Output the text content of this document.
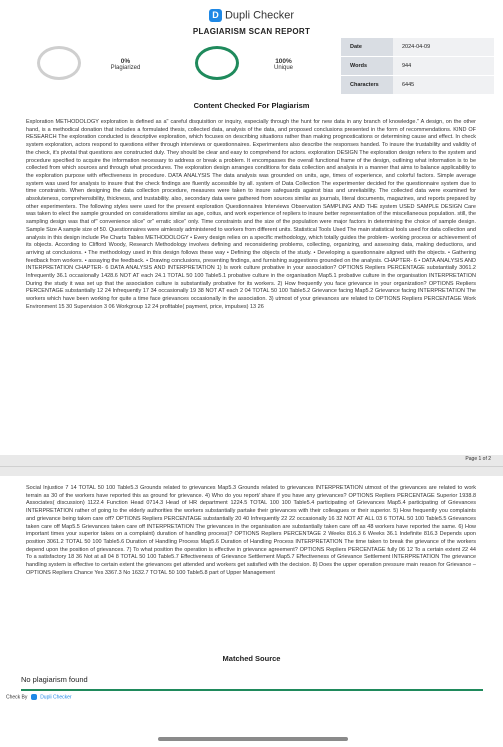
D Dupli Checker
PLAGIARISM SCAN REPORT
0%
Plagiarized
100%
Unique
Date	2024-04-09
Words	944
Characters	6445
Content Checked For Plagiarism
Exploration METHODOLOGY exploration is defined as a" careful disquisition or inquiry, especially through the hunt for new data in any branch of knowledge." A design, on the other hand, is a methodical donation that includes a formulated thesis, collected data, analysis of the data, and proposed conclusions presented in the form of recommendations. KIND OF RESEARCH The exploration conducted is descriptive exploration, which focuses on describing situations rather than making prognostications or determining cause and effect. In check system exploration, actors respond to questions either through interviews or questionnaires. Experimenters also describe the responses handed. To insure the trustability and validity of the check, it's pivotal that questions are constructed duly. They should be clear and easy to comprehend for actors. exploration DESIGN The exploration design refers to the system and procedure specified to acquire the information necessary to address or break a problem. It encompasses the overall functional frame of the design, outlining what information is to be collected from which sources and through what procedures. The exploration design arranges conditions for data collection and analysis in a manner that aims to balance applicability to the exploration purpose with effectiveness in procedure. DATA ANALYSIS The data analysis was grounded on units, age, times of experience, and colorful factors. Simple average system was used for analysis to insure that the check findings are fluently accessible by all. system of Data Collection The experimenter decided for the questionnaire system due to time constraints. When designing the data collection procedure, measures were taken to insure safeguards against bias and unreliability. The collected data were examined for absoluteness, comprehensibility, thickness, and trustability. also, secondary data were gathered from sources similar as journals, literal documents, magazines, and reports prepared by other experimenters. The following styles were used for the present exploration Questionnaires Interviews Observation SAMPLING AND THE system USED SAMPLE DESIGN Care was taken to elect the sample grounded on considerations similar as age, coitus, and work experience of repliers to insure better representation of the miscellaneous population. still, the sampling design was that of" convenience slice" or" erratic slice" only. Time constraints and the size of the population were major factors in determining the choice of sample design. Sample Size A sample size of 50. Questionnaires were aimlessly administered to workers from different units. Statistical Tools Used The main statistical tools used for data collection and analysis in this design include Pie Charts Tables METHODOLOGY • Every design relies on a specific methodology, which totally guides the problem- working process or achievement of its objects. According to Clifford Woody, Research Methodology involves defining and reconsidering problems, collecting, organizing, and assessing data, making deductions, and arriving at conclusions. • The methodology used in this design follows these way • Defining the objects of the study. • Developing a questionnaire aligned with the objects. • Gathering feedback from workers. • assaying the feedback. • Drawing conclusions, presenting findings, and furnishing suggestions grounded on the analysis. CHAPTER- 6 • DATA ANALYSIS AND INTERPRETATION CHAPTER- 6 DATA ANALYSIS AND INTERPRETATION 1) Is work culture probative in your association? OPTIONS Repliers PERCENTAGE substantially 3061.2 Infrequently 36.1 occasionally 1428.6 NOT AT each 24.1 TOTAL 50 100 Table5.1 probative culture in the organisation Map5.1 probative culture in the organisation INTERPRETATION During the study it was set up that the association culture is substantially probative for its workers. 2) How frequently you face grievance in your organization? OPTIONS Repliers PERCENTAGE substantially 12 24 Infrequently 17 34 occasionally 19 38 NOT AT each 2 04 TOTAL 50 100 Table5.2 Grievance facing Map5.2 Grievance facing INTERPRETATION The workers which have been working for quite a time face grievances occasionally in the association. 3) utmost of your grievances are related to OPTIONS Repliers PERCENTAGE Work Environment 15 30 Supervision 3 06 Workgroup 12 24 profitable( payment, price, impulses) 13 26
Page 1 of 2
Social Injustice 7 14 TOTAL 50 100 Table5.3 Grounds related to grievances Map5.3 Grounds related to grievances INTERPRETATION utmost of the grievances are related to work terrain as 30 of the workers have reported this as ground for grievance. 4) Who do you report/ share if you have any grievances? OPTIONS Repliers PERCENTAGE Superior 1938.8 Associates( discussion) 1122.4 Function Head 0714.3 Head of HR department 1224.5 TOTAL 100 100 Table5.4 participating of Grievances Map5.4 participating of Grievances INTERPRETATION rather of going to the elderly authorities the workers substantially partake their grievances with their colleagues or their superior. 5) How frequently you complaints and grievance being taken care off? OPTIONS Repliers PERCENTAGE substantially 20 40 Infrequently 22 22 occasionally 16 32 NOT AT ALL 03 6 TOTAL 50 100 Table5.5 Grievances taken care off Map5.5 Grievances taken care off INTERPRETATION The grievances in the organisation are substantially taken care off as 48 workers have reported the same. 6) How important times your superior takes on a complaint) duration of handling process)? OPTIONS Repliers PERCENTAGE 2 Weeks 816.3 6 Weeks 36.1 Indefinite 816.3 Depends upon position 3061.2 TOTAL 50 100 Table5.6 Duration of Handling Process Map5.6 Duration of Handling Process INTERPRETATION The time taken to break the grievance of the workers depend upon the position of grievances. 7) To what position the operation is effective in grievance agreement? OPTIONS Repliers PERCENTAGE fully 06 12 To a certain extent 22 44 To a satisfactory 18 36 Not at all 04 8 TOTAL 50 100 Table5.7 Effectiveness of Grievance Settlement Map5.7 Effectiveness of Grievance Settlement INTERPRETATION The grievance handling system is effective to certain extent the grievances get attended and workers get satisfied with the decision. 8) Does the upper operation pressure main reason for Grievance – OPTIONS Repliers Chance Yes 3367.3 No 1632.7 TOTAL 50 100 Table5.8 part of Upper Management
Matched Source
No plagiarism found
Check By	Dupli Checker
